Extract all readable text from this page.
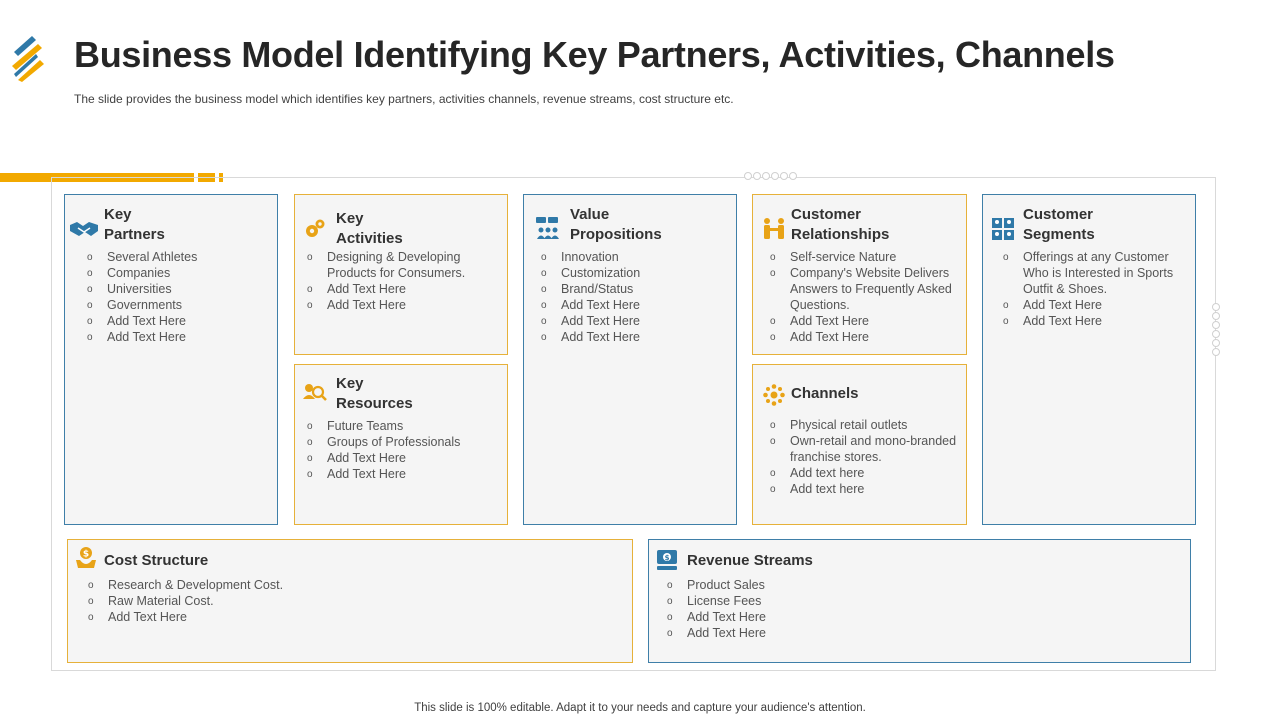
Business Model Identifying Key Partners, Activities, Channels
The slide provides the business model which identifies key partners, activities channels, revenue streams, cost structure etc.
Key
Partners
o Several Athletes
o Companies
o Universities
o Governments
o Add Text Here
o Add Text Here
Key
Activities
o Designing & Developing Products for Consumers.
o Add Text Here
o Add Text Here
Key
Resources
o Future Teams
o Groups of Professionals
o Add Text Here
o Add Text Here
Value
Propositions
o Innovation
o Customization
o Brand/Status
o Add Text Here
o Add Text Here
o Add Text Here
Customer
Relationships
o Self-service Nature
o Company's Website Delivers Answers to Frequently Asked Questions.
o Add Text Here
o Add Text Here
Channels
o Physical retail outlets
o Own-retail and mono-branded franchise stores.
o Add text here
o Add text here
Customer
Segments
o Offerings at any Customer Who is Interested in Sports Outfit & Shoes.
o Add Text Here
o Add Text Here
$ Cost Structure
o Research & Development Cost.
o Raw Material Cost.
o Add Text Here
$ Revenue Streams
o Product Sales
o License Fees
o Add Text Here
o Add Text Here
This slide is 100% editable. Adapt it to your needs and capture your audience's attention.
